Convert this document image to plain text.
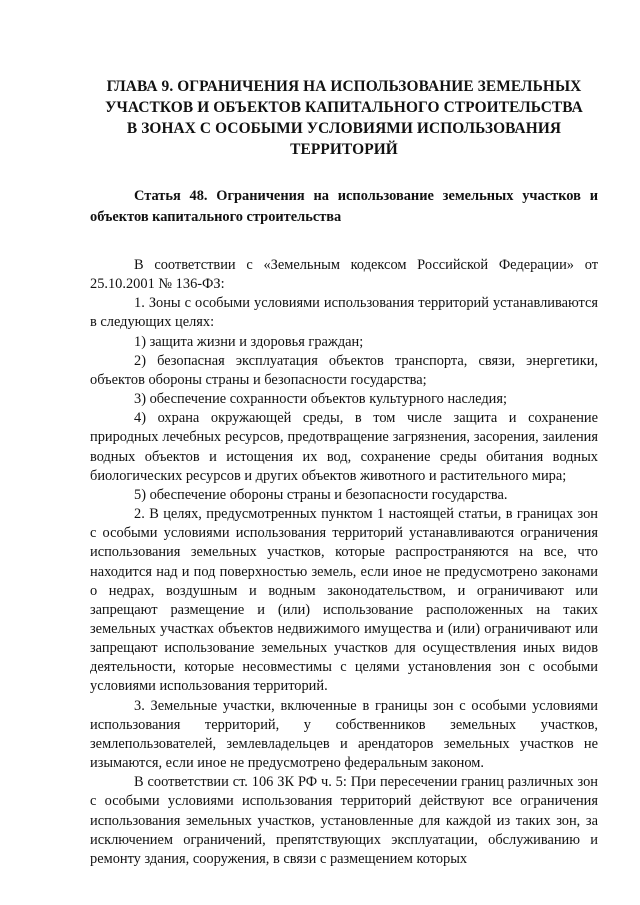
ГЛАВА 9. ОГРАНИЧЕНИЯ НА ИСПОЛЬЗОВАНИЕ ЗЕМЕЛЬНЫХ
УЧАСТКОВ И ОБЪЕКТОВ КАПИТАЛЬНОГО СТРОИТЕЛЬСТВА
В ЗОНАХ С ОСОБЫМИ УСЛОВИЯМИ ИСПОЛЬЗОВАНИЯ
ТЕРРИТОРИЙ
Статья 48. Ограничения на использование земельных участков и объектов капитального строительства

В соответствии с «Земельным кодексом Российской Федерации» от 25.10.2001 № 136-ФЗ:

1. Зоны с особыми условиями использования территорий устанавливаются в следующих целях:

1) защита жизни и здоровья граждан;

2) безопасная эксплуатация объектов транспорта, связи, энергетики, объектов обороны страны и безопасности государства;

3) обеспечение сохранности объектов культурного наследия;

4) охрана окружающей среды, в том числе защита и сохранение природных лечебных ресурсов, предотвращение загрязнения, засорения, заиления водных объектов и истощения их вод, сохранение среды обитания водных биологических ресурсов и других объектов животного и растительного мира;

5) обеспечение обороны страны и безопасности государства.

2. В целях, предусмотренных пунктом 1 настоящей статьи, в границах зон с особыми условиями использования территорий устанавливаются ограничения использования земельных участков, которые распространяются на все, что находится над и под поверхностью земель, если иное не предусмотрено законами о недрах, воздушным и водным законодательством, и ограничивают или запрещают размещение и (или) использование расположенных на таких земельных участках объектов недвижимого имущества и (или) ограничивают или запрещают использование земельных участков для осуществления иных видов деятельности, которые несовместимы с целями установления зон с особыми условиями использования территорий.

3. Земельные участки, включенные в границы зон с особыми условиями использования территорий, у собственников земельных участков, землепользователей, землевладельцев и арендаторов земельных участков не изымаются, если иное не предусмотрено федеральным законом.

В соответствии ст. 106 ЗК РФ ч. 5: При пересечении границ различных зон с особыми условиями использования территорий действуют все ограничения использования земельных участков, установленные для каждой из таких зон, за исключением ограничений, препятствующих эксплуатации, обслуживанию и ремонту здания, сооружения, в связи с размещением которых
